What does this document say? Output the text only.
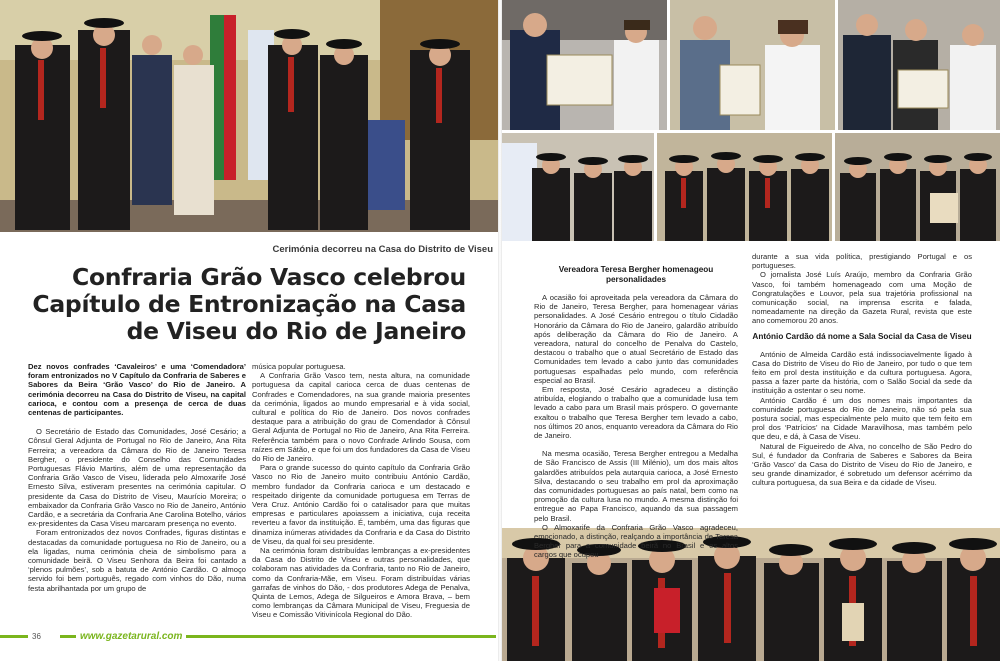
Cerimónia decorreu na Casa do Distrito de Viseu
Confraria Grão Vasco celebrou Capítulo de Entronização na Casa de Viseu do Rio de Janeiro

Dez novos confrades ‘Cavaleiros’ e uma ‘Comendadora’ foram entronizados no V Capítulo da Confraria de Saberes e Sabores da Beira ‘Grão Vasco’ do Rio de Janeiro. A cerimónia decorreu na Casa do Distrito de Viseu, na capital carioca, e contou com a presença de cerca de duas centenas de participantes.

O Secretário de Estado das Comunidades, José Cesário; a Cônsul Geral Adjunta de Portugal no Rio de Janeiro, Ana Rita Ferreira; a vereadora da Câmara do Rio de Janeiro Teresa Bergher, o presidente do Conselho das Comunidades Portuguesas Flávio Martins, além de uma representação da Confraria Grão Vasco de Viseu, liderada pelo Almoxarife José Ernesto Silva, estiveram presentes na cerimónia capitular. O presidente da Casa do Distrito de Viseu, Maurício Moreira; o embaixador da Confraria Grão Vasco no Rio de Janeiro, António Cardão, e a secretária da Confraria Ane Carolina Botelho, vários ex-presidentes da Casa Viseu marcaram presença no evento.

Foram entronizados dez novos Confrades, figuras distintas e destacadas da comunidade portuguesa no Rio de Janeiro, ou a ela ligadas, numa cerimónia cheia de simbolismo para a comunidade beirã. O Viseu Senhora da Beira foi cantado a ‘plenos pulmões’, sob a batuta de António Cardão. O almoço servido foi bem português, regado com vinhos do Dão, numa festa abrilhantada por um grupo de

música popular portuguesa.

A Confraria Grão Vasco tem, nesta altura, na comunidade portuguesa da capital carioca cerca de duas centenas de Confrades e Comendadores, na sua grande maioria presentes da cerimónia, ligados ao mundo empresarial e à vida social, cultural e política do Rio de Janeiro. Dos novos confrades destaque para a atribuição do grau de Comendador à Cônsul Geral Adjunta de Portugal no Rio de Janeiro, Ana Rita Ferreira. Referência também para o novo Confrade Arlindo Sousa, com raízes em Sátão, e que foi um dos fundadores da Casa de Viseu do Rio de Janeiro.

Para o grande sucesso do quinto capítulo da Confraria Grão Vasco no Rio de Janeiro muito contribuiu António Cardão, membro fundador da Confraria carioca e um destacado e respeitado dirigente da comunidade portuguesa em Terras de Vera Cruz. António Cardão foi o catalisador para que muitas empresas e particulares apoiassem a iniciativa, cuja receita reverteu a favor da instituição. É, também, uma das figuras que dinamiza inúmeras atividades da Confraria e da Casa do Distrito de Viseu, da qual foi seu presidente.

Na cerimónia foram distribuídas lembranças a ex-presidentes da Casa do Distrito de Viseu e outras personalidades, que colaboram nas atividades da Confraria, tanto no Rio de Janeiro, como da Confraria-Mãe, em Viseu. Foram distribuídas várias garrafas de vinhos do Dão, - dos produtores Adega de Penalva, Quinta de Lemos, Adega de Silgueiros e Amora Brava, – bem como lembranças da Câmara Municipal de Viseu, Freguesia de Viseu e Comissão Vitivinícola Regional do Dão.

Vereadora Teresa Bergher homenageou personalidades

A ocasião foi aproveitada pela vereadora da Câmara do Rio de Janeiro, Teresa Bergher, para homenagear várias personalidades. A José Cesário entregou o título Cidadão Honorário da Câmara do Rio de Janeiro, galardão atribuído após deliberação da Câmara do Rio de Janeiro. A vereadora, natural do concelho de Penalva do Castelo, destacou o trabalho que o atual Secretário de Estado das Comunidades tem levado a cabo junto das comunidades portuguesas espalhadas pelo mundo, com referência especial ao Brasil.

Em resposta, José Cesário agradeceu a distinção atribuída, elogiando o trabalho que a comunidade lusa tem levado a cabo para um Brasil mais próspero. O governante exaltou o trabalho que Teresa Bergher tem levado a cabo, nos últimos 20 anos, enquanto vereadora da Câmara do Rio de Janeiro.

Na mesma ocasião, Teresa Bergher entregou a Medalha de São Francisco de Assis (III Milénio), um dos mais altos galardões atribuídos pela autarquia carioca, a José Ernesto Silva, destacando o seu trabalho em prol da aproximação das comunidades portuguesas ao país natal, bem como na promoção da cultura lusa no mundo. A mesma distinção foi entregue ao Papa Francisco, aquando da sua passagem pelo Brasil.

O Almoxarife da Confraria Grão Vasco agradeceu, emocionado, a distinção, realçando a importância de Teresa Bergher para a comunidade beirã no Brasil e os altos cargos que ocupou

durante a sua vida política, prestigiando Portugal e os portugueses.

O jornalista José Luís Araújo, membro da Confraria Grão Vasco, foi também homenageado com uma Moção de Congratulações e Louvor, pela sua trajetória profissional na comunicação social, na imprensa escrita e falada, nomeadamente na direção da Gazeta Rural, revista que este ano comemorou 20 anos.

António Cardão dá nome a Sala Social da Casa de Viseu

António de Almeida Cardão está indissociavelmente ligado à Casa do Distrito de Viseu do Rio de Janeiro, por tudo o que tem feito em prol desta instituição e da cultura portuguesa. Agora, passa a fazer parte da história, com o Salão Social da sede da instituição a ostentar o seu nome.

António Cardão é um dos nomes mais importantes da comunidade portuguesa do Rio de Janeiro, não só pela sua postura social, mas especialmente pelo muito que tem feito em prol dos ‘Patrícios’ na Cidade Maravilhosa, mas também pelo que deu, e dá, à Casa de Viseu.

Natural de Figueiredo de Alva, no concelho de São Pedro do Sul, é fundador da Confraria de Saberes e Sabores da Beira ‘Grão Vasco’ da Casa do Distrito de Viseu do Rio de Janeiro, e seu grande dinamizador, é sobretudo um defensor acérrimo da cultura portuguesa, da sua Beira e da cidade de Viseu.

36	www.gazetarural.com
